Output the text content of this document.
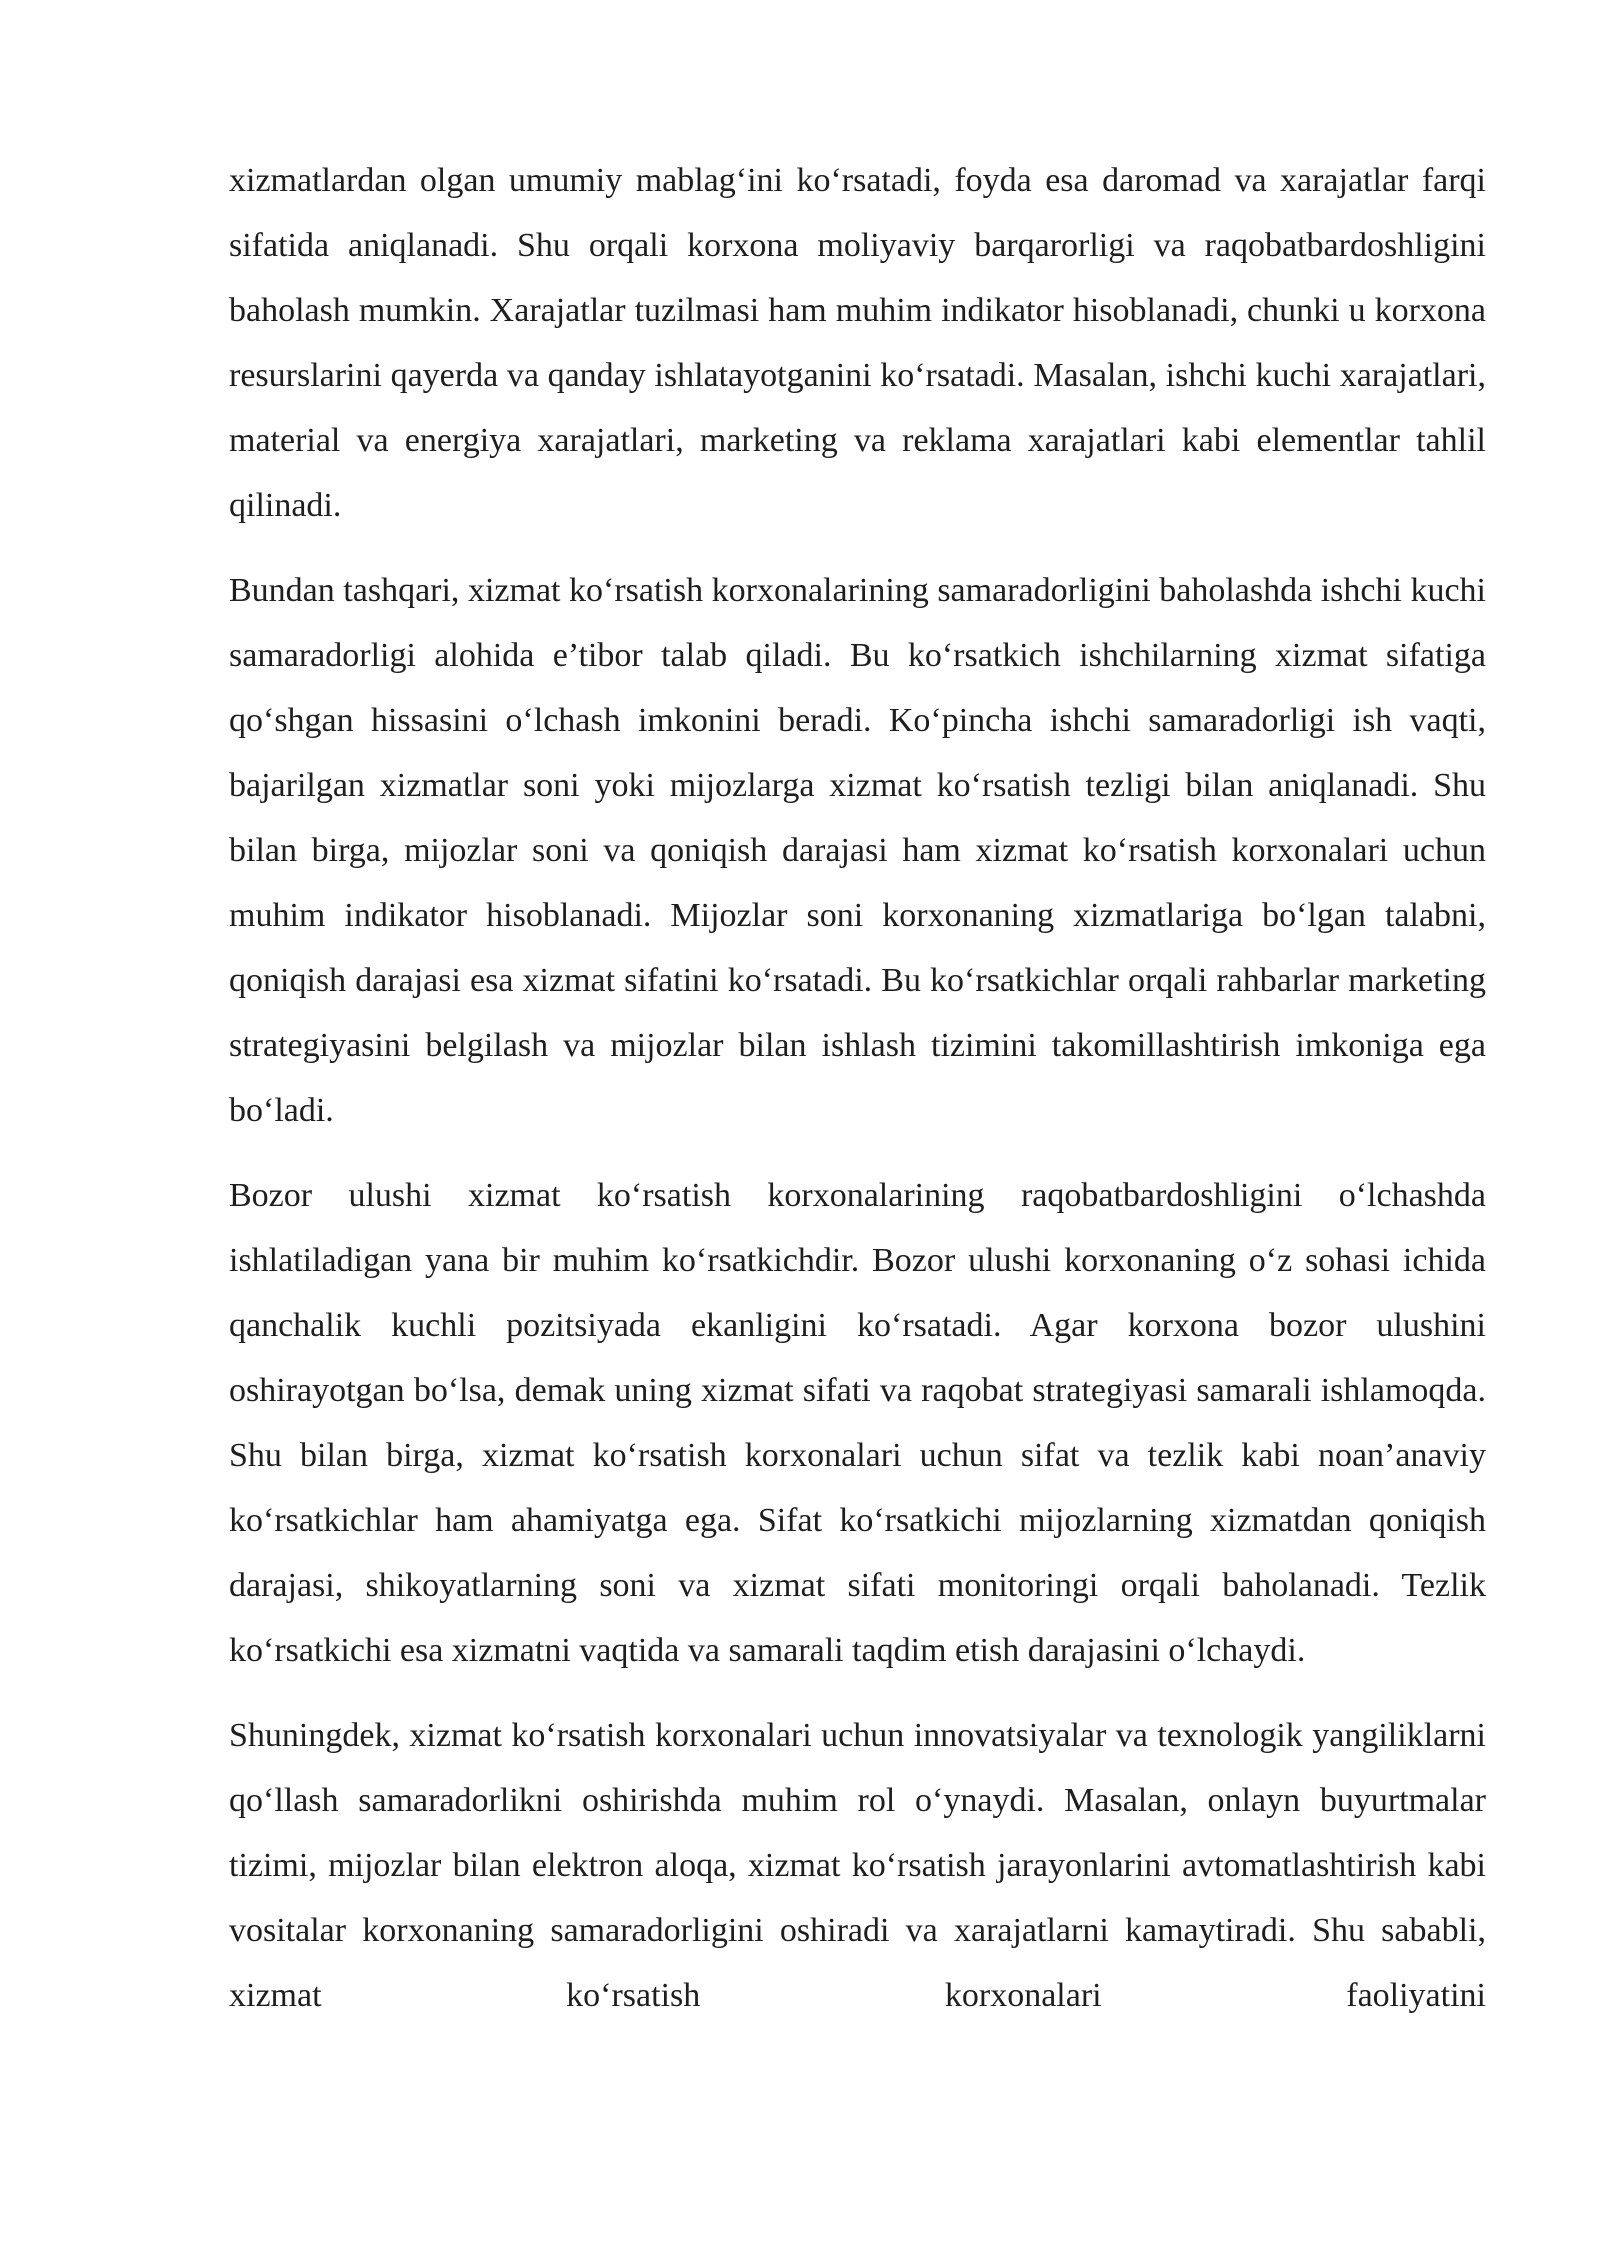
xizmatlardan olgan umumiy mablag‘ini ko‘rsatadi, foyda esa daromad va xarajatlar farqi sifatida aniqlanadi. Shu orqali korxona moliyaviy barqarorligi va raqobatbardoshligini baholash mumkin. Xarajatlar tuzilmasi ham muhim indikator hisoblanadi, chunki u korxona resurslarini qayerda va qanday ishlatayotganini ko‘rsatadi. Masalan, ishchi kuchi xarajatlari, material va energiya xarajatlari, marketing va reklama xarajatlari kabi elementlar tahlil qilinadi.

Bundan tashqari, xizmat ko‘rsatish korxonalarining samaradorligini baholashda ishchi kuchi samaradorligi alohida e’tibor talab qiladi. Bu ko‘rsatkich ishchilarning xizmat sifatiga qo‘shgan hissasini o‘lchash imkonini beradi. Ko‘pincha ishchi samaradorligi ish vaqti, bajarilgan xizmatlar soni yoki mijozlarga xizmat ko‘rsatish tezligi bilan aniqlanadi. Shu bilan birga, mijozlar soni va qoniqish darajasi ham xizmat ko‘rsatish korxonalari uchun muhim indikator hisoblanadi. Mijozlar soni korxonaning xizmatlariga bo‘lgan talabni, qoniqish darajasi esa xizmat sifatini ko‘rsatadi. Bu ko‘rsatkichlar orqali rahbarlar marketing strategiyasini belgilash va mijozlar bilan ishlash tizimini takomillashtirish imkoniga ega bo‘ladi.

Bozor ulushi xizmat ko‘rsatish korxonalarining raqobatbardoshligini o‘lchashda ishlatiladigan yana bir muhim ko‘rsatkichdir. Bozor ulushi korxonaning o‘z sohasi ichida qanchalik kuchli pozitsiyada ekanligini ko‘rsatadi. Agar korxona bozor ulushini oshirayotgan bo‘lsa, demak uning xizmat sifati va raqobat strategiyasi samarali ishlamoqda. Shu bilan birga, xizmat ko‘rsatish korxonalari uchun sifat va tezlik kabi noan’anaviy ko‘rsatkichlar ham ahamiyatga ega. Sifat ko‘rsatkichi mijozlarning xizmatdan qoniqish darajasi, shikoyatlarning soni va xizmat sifati monitoringi orqali baholanadi. Tezlik ko‘rsatkichi esa xizmatni vaqtida va samarali taqdim etish darajasini o‘lchaydi.

Shuningdek, xizmat ko‘rsatish korxonalari uchun innovatsiyalar va texnologik yangiliklarni qo‘llash samaradorlikni oshirishda muhim rol o‘ynaydi. Masalan, onlayn buyurtmalar tizimi, mijozlar bilan elektron aloqa, xizmat ko‘rsatish jarayonlarini avtomatlashtirish kabi vositalar korxonaning samaradorligini oshiradi va xarajatlarni kamaytiradi. Shu sababli, xizmat ko‘rsatish korxonalari faoliyatini
